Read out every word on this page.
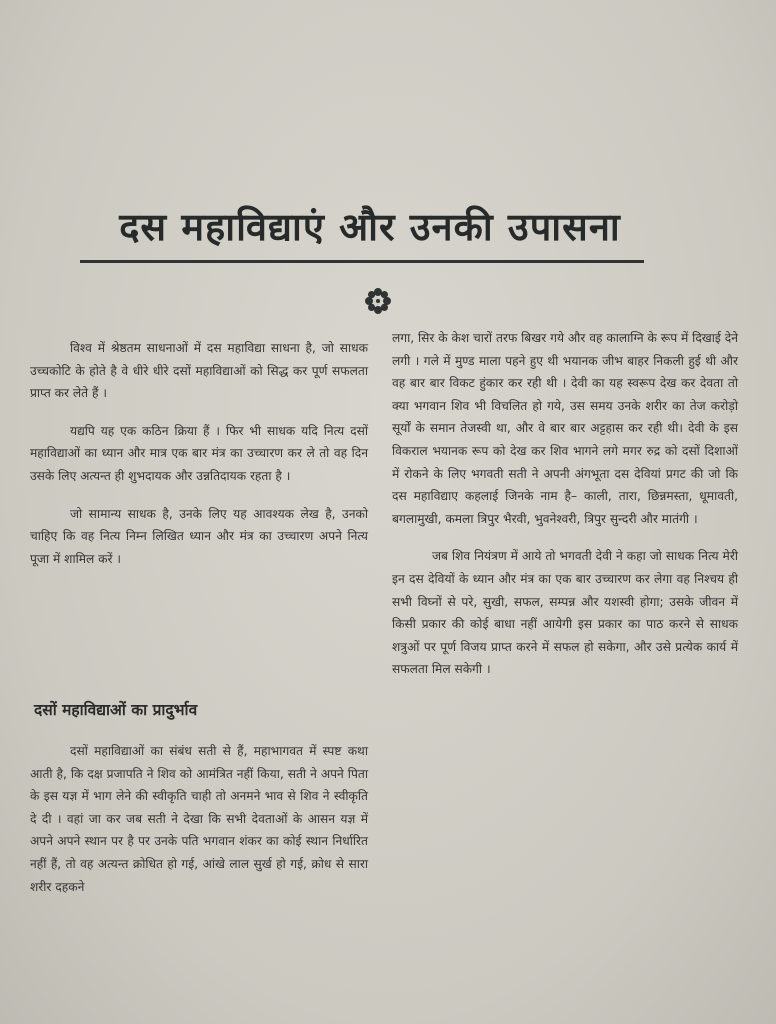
दस महाविद्याएं और उनकी उपासना

विश्व में श्रेष्ठतम साधनाओं में दस महाविद्या साधना है, जो साधक उच्चकोटि के होते है वे धीरे धीरे दसों महाविद्याओं को सिद्ध कर पूर्ण सफलता प्राप्त कर लेते हैं ।

यद्यपि यह एक कठिन क्रिया हैं । फिर भी साधक यदि नित्य दसों महाविद्याओं का ध्यान और मात्र एक बार मंत्र का उच्चारण कर ले तो वह दिन उसके लिए अत्यन्त ही शुभदायक और उन्नतिदायक रहता है ।

जो सामान्य साधक है, उनके लिए यह आवश्यक लेख है, उनको चाहिए कि वह नित्य निम्न लिखित ध्यान और मंत्र का उच्चारण अपने नित्य पूजा में शामिल करें ।

दसों महाविद्याओं का प्रादुर्भाव

दसों महाविद्याओं का संबंध सती से हैं, महाभागवत में स्पष्ट कथा आती है, कि दक्ष प्रजापति ने शिव को आमंत्रित नहीं किया, सती ने अपने पिता के इस यज्ञ में भाग लेने की स्वीकृति चाही तो अनमने भाव से शिव ने स्वीकृति दे दी । वहां जा कर जब सती ने देखा कि सभी देवताओं के आसन यज्ञ में अपने अपने स्थान पर है पर उनके पति भगवान शंकर का कोई स्थान निर्धारित नहीं हैं, तो वह अत्यन्त क्रोधित हो गई, आंखे लाल सुर्ख हो गई, क्रोध से सारा शरीर दहकने

लगा, सिर के केश चारों तरफ बिखर गये और वह कालाग्नि के रूप में दिखाई देने लगी । गले में मुण्ड माला पहने हुए थी भयानक जीभ बाहर निकली हुई थी और वह बार बार विकट हुंकार कर रही थी । देवी का यह स्वरूप देख कर देवता तो क्या भगवान शिव भी विचलित हो गये, उस समय उनके शरीर का तेज करोड़ो सूर्यों के समान तेजस्वी था, और वे बार बार अट्टहास कर रही थी। देवी के इस विकराल भयानक रूप को देख कर शिव भागने लगे मगर रुद्र को दसों दिशाओं में रोकने के लिए भगवती सती ने अपनी अंगभूता दस देवियां प्रगट की जो कि दस महाविद्याए कहलाई जिनके नाम है– काली, तारा, छिन्नमस्ता, धूमावती, बगलामुखी, कमला त्रिपुर भैरवी, भुवनेश्वरी, त्रिपुर सुन्दरी और मातंगी ।

जब शिव नियंत्रण में आये तो भगवती देवी ने कहा जो साधक नित्य मेरी इन दस देवियों के ध्यान और मंत्र का एक बार उच्चारण कर लेगा वह निश्चय ही सभी विघ्नों से परे, सुखी, सफल, सम्पन्न और यशस्वी होगा; उसके जीवन में किसी प्रकार की कोई बाधा नहीं आयेगी इस प्रकार का पाठ करने से साधक शत्रुओं पर पूर्ण विजय प्राप्त करने में सफल हो सकेगा, और उसे प्रत्येक कार्य में सफलता मिल सकेगी ।
